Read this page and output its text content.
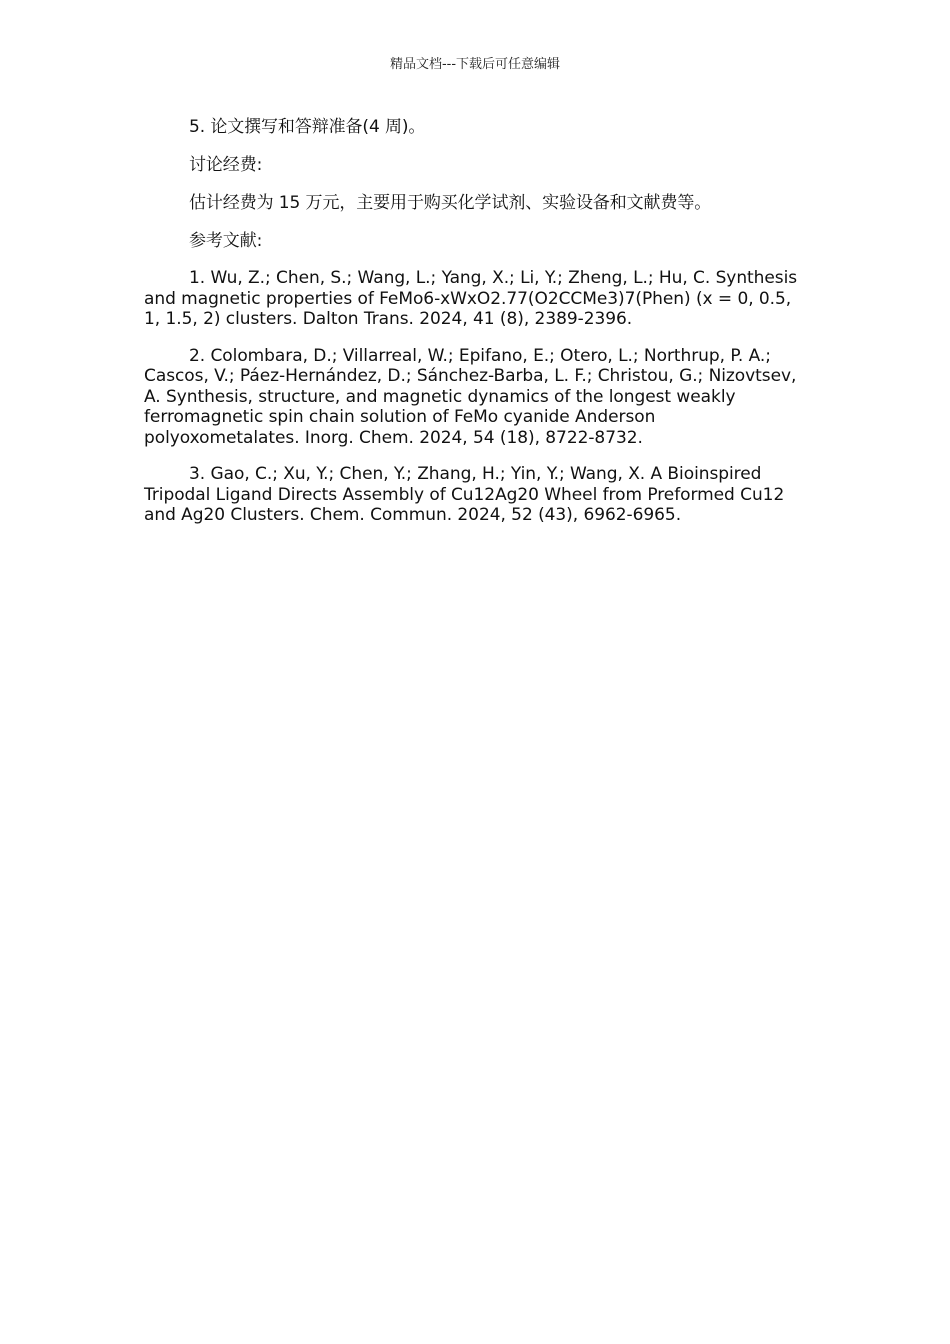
精品文档---下载后可任意编辑

5. 论文撰写和答辩准备(4 周)。

讨论经费:

估计经费为 15 万元，主要用于购买化学试剂、实验设备和文献费等。

参考文献:

1. Wu, Z.; Chen, S.; Wang, L.; Yang, X.; Li, Y.; Zheng, L.; Hu, C. Synthesis and magnetic properties of FeMo6-xWxO2.77(O2CCMe3)7(Phen) (x = 0, 0.5, 1, 1.5, 2) clusters. Dalton Trans. 2024, 41 (8), 2389-2396.

2. Colombara, D.; Villarreal, W.; Epifano, E.; Otero, L.; Northrup, P. A.; Cascos, V.; Páez-Hernández, D.; Sánchez-Barba, L. F.; Christou, G.; Nizovtsev, A. Synthesis, structure, and magnetic dynamics of the longest weakly ferromagnetic spin chain solution of FeMo cyanide Anderson polyoxometalates. Inorg. Chem. 2024, 54 (18), 8722-8732.

3. Gao, C.; Xu, Y.; Chen, Y.; Zhang, H.; Yin, Y.; Wang, X. A Bioinspired Tripodal Ligand Directs Assembly of Cu12Ag20 Wheel from Preformed Cu12 and Ag20 Clusters. Chem. Commun. 2024, 52 (43), 6962-6965.
